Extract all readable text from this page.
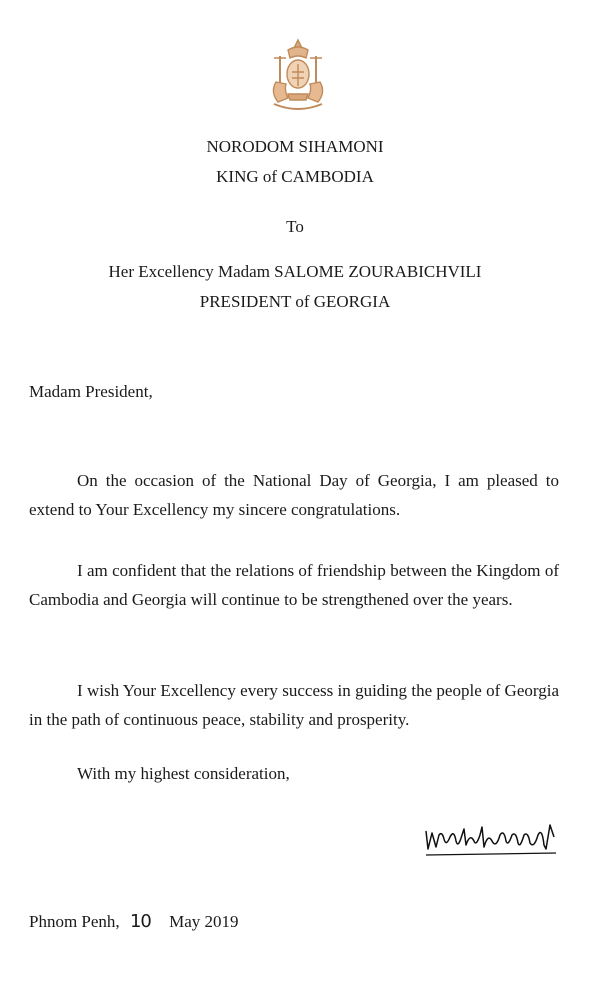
NORODOM SIHAMONI
KING of CAMBODIA
To
Her Excellency Madam SALOME ZOURABICHVILI
PRESIDENT of GEORGIA
Madam President,
On the occasion of the National Day of Georgia, I am pleased to extend to Your Excellency my sincere congratulations.
I am confident that the relations of friendship between the Kingdom of Cambodia and Georgia will continue to be strengthened over the years.
I wish Your Excellency every success in guiding the people of Georgia in the path of continuous peace, stability and prosperity.
With my highest consideration,
Phnom Penh, 10 May 2019
